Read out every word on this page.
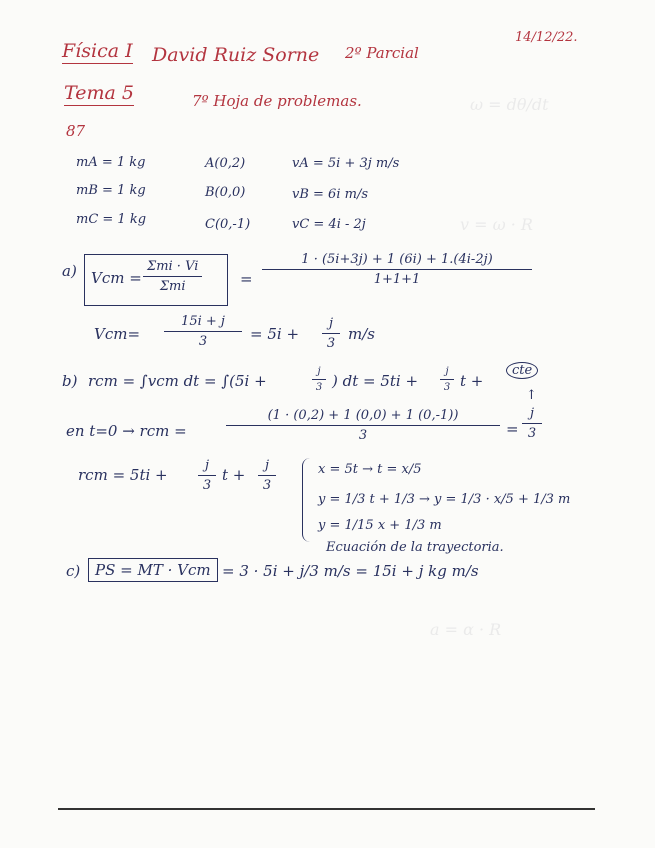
ω = dθ/dt
v = ω · R
a = α · R
Física I David Ruiz Sorne 2º Parcial
14/12/22.
Tema 5	7º Hoja de problemas.
87
mA = 1 kg	A(0,2)	vA = 5i + 3j m/s
mB = 1 kg	B(0,0)	vB = 6i m/s
mC = 1 kg	C(0,-1)	vC = 4i - 2j
a) Vcm =
Σmi · Vi
Σmi	= $\frac{1 \cdot (5i+3j) + 1 (6i) + 1.(4i-2j)}{1+1+1}$
$Vcm= \frac{15i + j}{3} = 5i + \frac{j}{3} m/s$
b) rcm = ∫vcm dt = ∫(5i +	$\frac{j}{3}$ ) dt = $5ti + \frac{j}{3}$ t +
cte
en t=0 → rcm =	$\frac{(1 \cdot (0,2) + 1 (0,0) + 1 (0,-1))}{3}$ =
↑
$\frac{j}{3}$
rcm = $5ti + \frac{j}{3}$ $t + \frac{j}{3}$	x = 5t → t = x/5
y = 1/3 t + 1/3 → y = 1/3 · x/5 + 1/3 m
y = 1/15 x + 1/3 m
Ecuación de la trayectoria.
c) PS = MT · Vcm = 3 · 5i + j/3 m/s = 15i + j kg m/s
